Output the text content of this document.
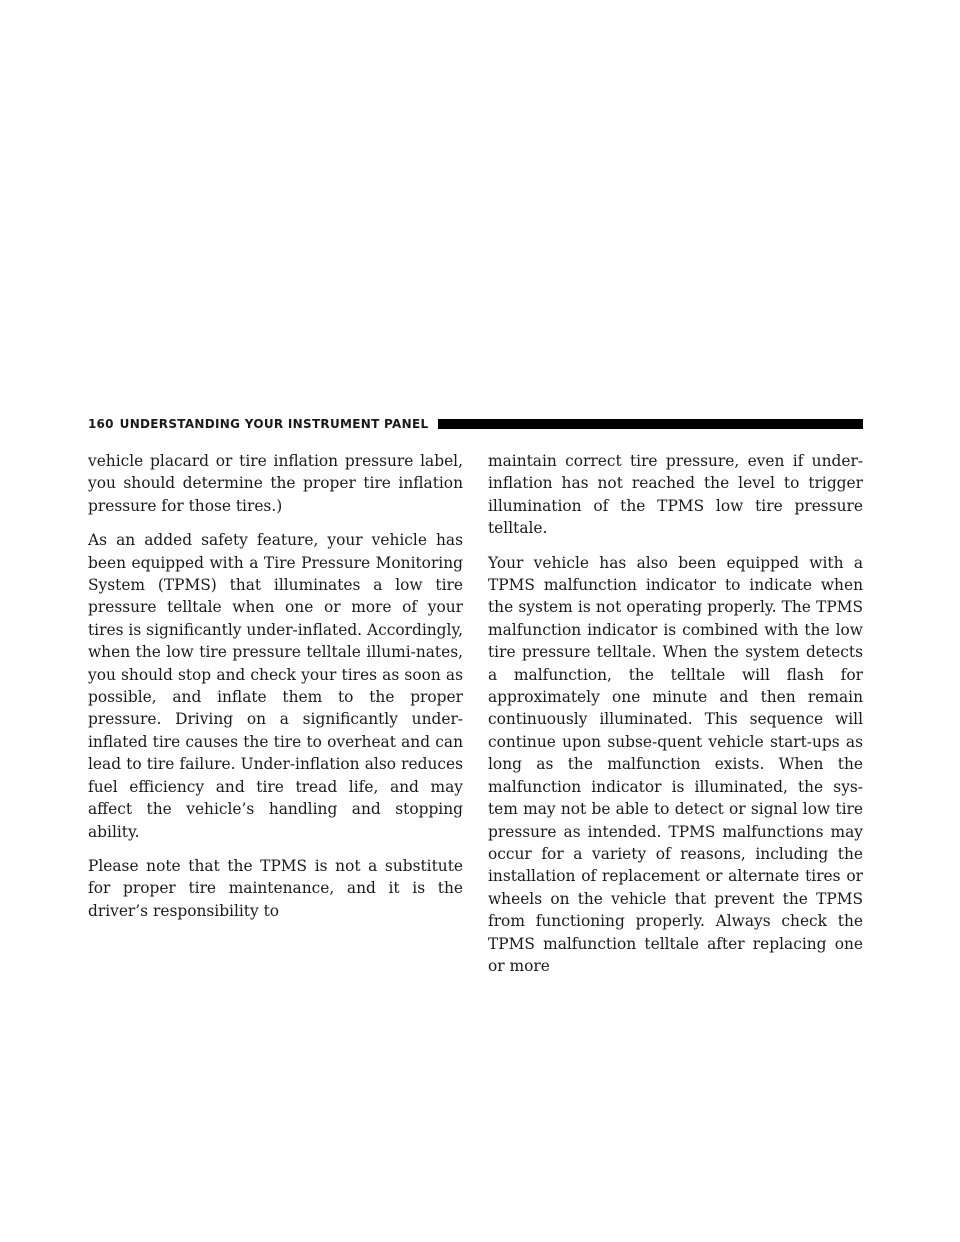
160 UNDERSTANDING YOUR INSTRUMENT PANEL

vehicle placard or tire inflation pressure label, you should determine the proper tire inflation pressure for those tires.)

As an added safety feature, your vehicle has been equipped with a Tire Pressure Monitoring System (TPMS) that illuminates a low tire pressure telltale when one or more of your tires is significantly under-inflated. Accordingly, when the low tire pressure telltale illumi-nates, you should stop and check your tires as soon as possible, and inflate them to the proper pressure. Driving on a significantly under-inflated tire causes the tire to overheat and can lead to tire failure. Under-inflation also reduces fuel efficiency and tire tread life, and may affect the vehicle’s handling and stopping ability.

Please note that the TPMS is not a substitute for proper tire maintenance, and it is the driver’s responsibility to

maintain correct tire pressure, even if under-inflation has not reached the level to trigger illumination of the TPMS low tire pressure telltale.

Your vehicle has also been equipped with a TPMS malfunction indicator to indicate when the system is not operating properly. The TPMS malfunction indicator is combined with the low tire pressure telltale. When the system detects a malfunction, the telltale will flash for approximately one minute and then remain continuously illuminated. This sequence will continue upon subse-quent vehicle start-ups as long as the malfunction exists. When the malfunction indicator is illuminated, the sys-tem may not be able to detect or signal low tire pressure as intended. TPMS malfunctions may occur for a variety of reasons, including the installation of replacement or alternate tires or wheels on the vehicle that prevent the TPMS from functioning properly. Always check the TPMS malfunction telltale after replacing one or more
